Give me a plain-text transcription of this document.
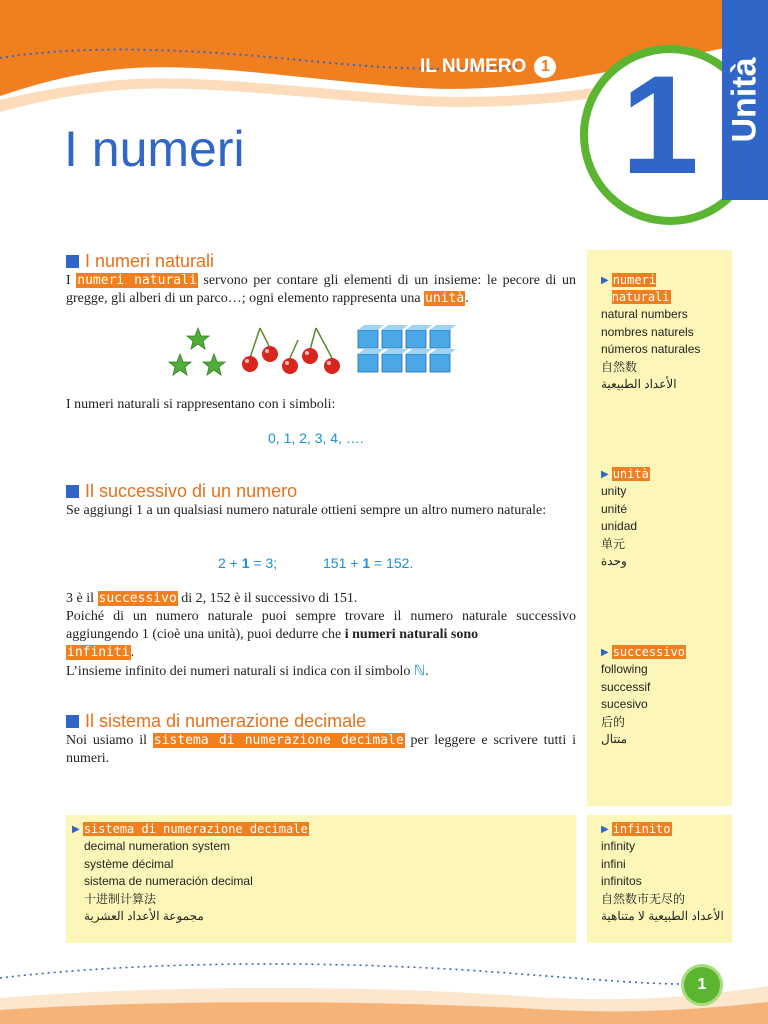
IL NUMERO 1 1 Unità
I numeri
I numeri naturali
I numeri naturali servono per contare gli elementi di un insieme: le pecore di un gregge, gli alberi di un parco…; ogni elemento rappresenta una unità.
I numeri naturali si rappresentano con i simboli:
0, 1, 2, 3, 4, ….
Il successivo di un numero
Se aggiungi 1 a un qualsiasi numero naturale ottieni sempre un altro numero naturale:
2 + 1 = 3;	151 + 1 = 152.
3 è il successivo di 2, 152 è il successivo di 151.
Poiché di un numero naturale puoi sempre trovare il numero naturale successivo aggiungendo 1 (cioè una unità), puoi dedurre che i numeri naturali sono
infiniti.
L’insieme infinito dei numeri naturali si indica con il simbolo ℕ.
Il sistema di numerazione decimale
Noi usiamo il sistema di numerazione decimale per leggere e scrivere tutti i numeri.
▶ numeri naturali
natural numbers
nombres naturels
números naturales
自然数
الأعداد الطبيعية
▶ unità
unity
unité
unidad
单元
وحدة
▶ successivo
following
successif
sucesivo
后的
متتال
▶ sistema di numerazione decimale
decimal numeration system
système décimal
sistema de numeración decimal
十进制计算法
مجموعة الأعداد العشرية
▶ infinito
infinity
infini
infinitos
自然数市无尽的
الأعداد الطبيعية لا متناهية
1
